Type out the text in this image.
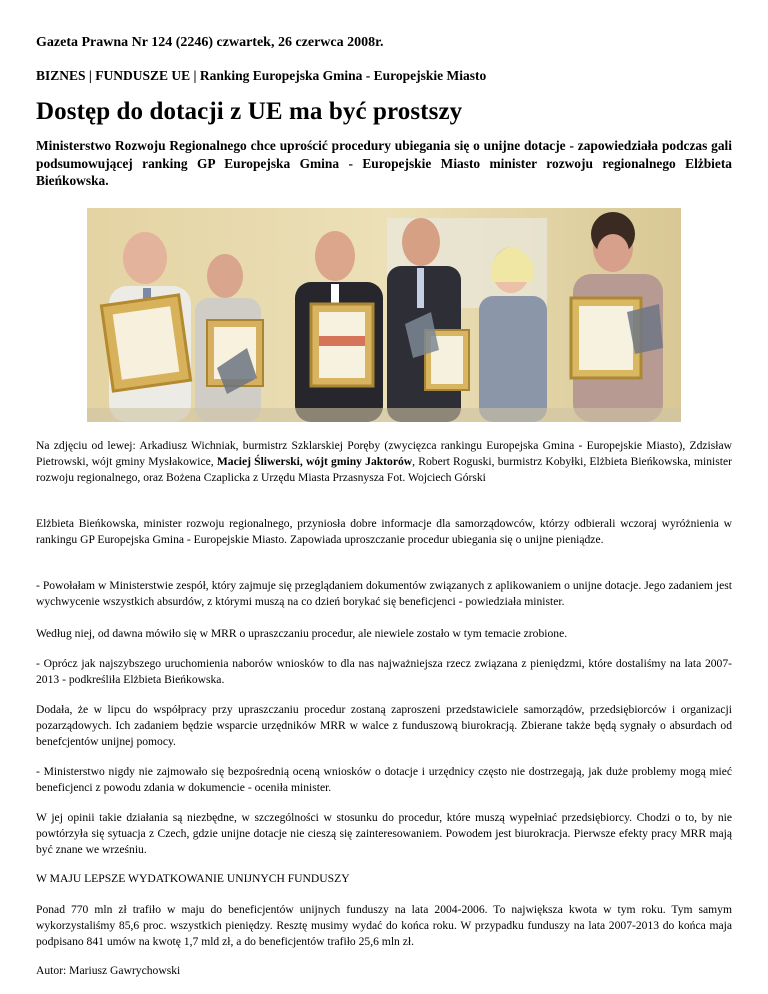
Gazeta Prawna Nr 124 (2246) czwartek, 26 czerwca 2008r.

BIZNES | FUNDUSZE UE | Ranking Europejska Gmina - Europejskie Miasto

Dostęp do dotacji z UE ma być prostszy

Ministerstwo Rozwoju Regionalnego chce uprościć procedury ubiegania się o unijne dotacje - zapowiedziała podczas gali podsumowującej ranking GP Europejska Gmina - Europejskie Miasto minister rozwoju regionalnego Elżbieta Bieńkowska.

Na zdjęciu od lewej: Arkadiusz Wichniak, burmistrz Szklarskiej Poręby (zwycięzca rankingu Europejska Gmina - Europejskie Miasto), Zdzisław Pietrowski, wójt gminy Mysłakowice, Maciej Śliwerski, wójt gminy Jaktorów, Robert Roguski, burmistrz Kobyłki, Elżbieta Bieńkowska, minister rozwoju regionalnego, oraz Bożena Czaplicka z Urzędu Miasta Przasnysza Fot. Wojciech Górski

Elżbieta Bieńkowska, minister rozwoju regionalnego, przyniosła dobre informacje dla samorządowców, którzy odbierali wczoraj wyróżnienia w rankingu GP Europejska Gmina - Europejskie Miasto. Zapowiada uproszczanie procedur ubiegania się o unijne pieniądze.

- Powołałam w Ministerstwie zespół, który zajmuje się przeglądaniem dokumentów związanych z aplikowaniem o unijne dotacje. Jego zadaniem jest wychwycenie wszystkich absurdów, z którymi muszą na co dzień borykać się beneficjenci - powiedziała minister.

Według niej, od dawna mówiło się w MRR o upraszczaniu procedur, ale niewiele zostało w tym temacie zrobione.

- Oprócz jak najszybszego uruchomienia naborów wniosków to dla nas najważniejsza rzecz związana z pieniędzmi, które dostaliśmy na lata 2007-2013 - podkreśliła Elżbieta Bieńkowska.

Dodała, że w lipcu do współpracy przy upraszczaniu procedur zostaną zaproszeni przedstawiciele samorządów, przedsiębiorców i organizacji pozarządowych. Ich zadaniem będzie wsparcie urzędników MRR w walce z funduszową biurokracją. Zbierane także będą sygnały o absurdach od benefcjentów unijnej pomocy.

- Ministerstwo nigdy nie zajmowało się bezpośrednią oceną wniosków o dotacje i urzędnicy często nie dostrzegają, jak duże problemy mogą mieć beneficjenci z powodu zdania w dokumencie - oceniła minister.

W jej opinii takie działania są niezbędne, w szczególności w stosunku do procedur, które muszą wypełniać przedsiębiorcy. Chodzi o to, by nie powtórzyła się sytuacja z Czech, gdzie unijne dotacje nie cieszą się zainteresowaniem. Powodem jest biurokracja. Pierwsze efekty pracy MRR mają być znane we wrześniu.

W MAJU LEPSZE WYDATKOWANIE UNIJNYCH FUNDUSZY

Ponad 770 mln zł trafiło w maju do beneficjentów unijnych funduszy na lata 2004-2006. To największa kwota w tym roku. Tym samym wykorzystaliśmy 85,6 proc. wszystkich pieniędzy. Resztę musimy wydać do końca roku. W przypadku funduszy na lata 2007-2013 do końca maja podpisano 841 umów na kwotę 1,7 mld zł, a do beneficjentów trafiło 25,6 mln zł.

Autor: Mariusz Gawrychowski
